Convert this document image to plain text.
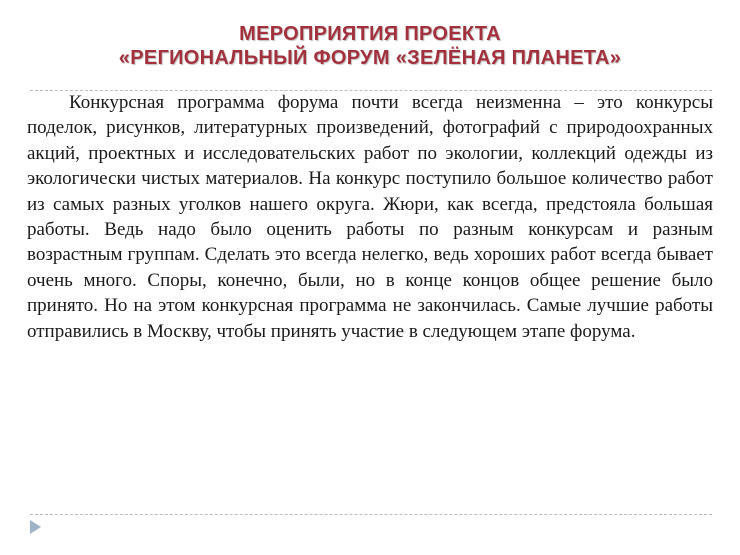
МЕРОПРИЯТИЯ ПРОЕКТА
«РЕГИОНАЛЬНЫЙ ФОРУМ «ЗЕЛЁНАЯ ПЛАНЕТА»

Конкурсная программа форума почти всегда неизменна – это конкурсы поделок, рисунков, литературных произведений, фотографий с природоохранных акций, проектных и исследовательских работ по экологии, коллекций одежды из экологически чистых материалов. На конкурс поступило большое количество работ из самых разных уголков нашего округа. Жюри, как всегда, предстояла большая работы. Ведь надо было оценить работы по разным конкурсам и разным возрастным группам. Сделать это всегда нелегко, ведь хороших работ всегда бывает очень много. Споры, конечно, были, но в конце концов общее решение было принято. Но на этом конкурсная программа не закончилась. Самые лучшие работы отправились в Москву, чтобы принять участие в следующем этапе форума.
